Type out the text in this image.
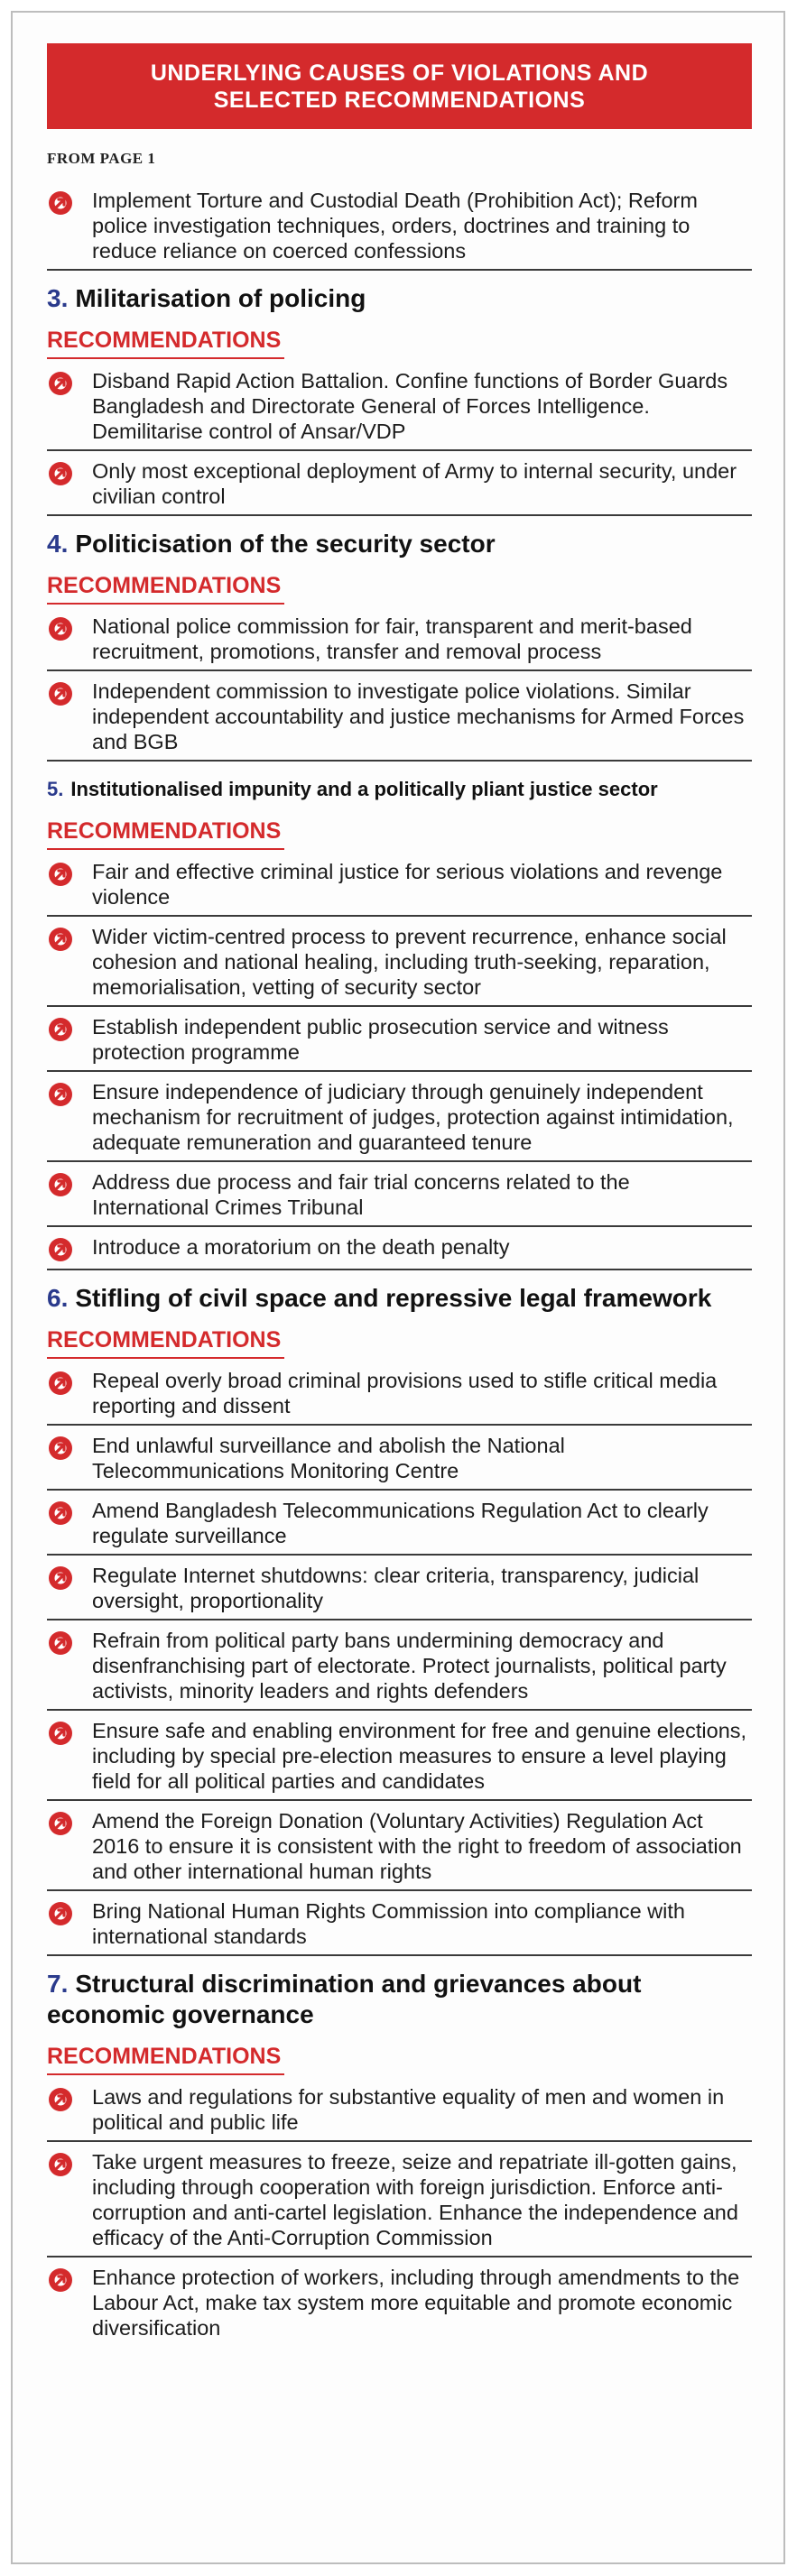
UNDERLYING CAUSES OF VIOLATIONS AND
SELECTED RECOMMENDATIONS
FROM PAGE 1
Implement Torture and Custodial Death (Prohibition Act); Reform police investigation techniques, orders, doctrines and training to reduce reliance on coerced confessions
3. Militarisation of policing
RECOMMENDATIONS
Disband Rapid Action Battalion. Confine functions of Border Guards Bangladesh and Directorate General of Forces Intelligence. Demilitarise control of Ansar/VDP
Only most exceptional deployment of Army to internal security, under civilian control
4. Politicisation of the security sector
RECOMMENDATIONS
National police commission for fair, transparent and merit-based recruitment, promotions, transfer and removal process
Independent commission to investigate police violations. Similar independent accountability and justice mechanisms for Armed Forces and BGB
5. Institutionalised impunity and a politically pliant justice sector
RECOMMENDATIONS
Fair and effective criminal justice for serious violations and revenge violence
Wider victim-centred process to prevent recurrence, enhance social cohesion and national healing, including truth-seeking, reparation, memorialisation, vetting of security sector
Establish independent public prosecution service and witness protection programme
Ensure independence of judiciary through genuinely independent mechanism for recruitment of judges, protection against intimidation, adequate remuneration and guaranteed tenure
Address due process and fair trial concerns related to the International Crimes Tribunal
Introduce a moratorium on the death penalty
6. Stifling of civil space and repressive legal framework
RECOMMENDATIONS
Repeal overly broad criminal provisions used to stifle critical media reporting and dissent
End unlawful surveillance and abolish the National Telecommunications Monitoring Centre
Amend Bangladesh Telecommunications Regulation Act to clearly regulate surveillance
Regulate Internet shutdowns: clear criteria, transparency, judicial oversight, proportionality
Refrain from political party bans undermining democracy and disenfranchising part of electorate. Protect journalists, political party activists, minority leaders and rights defenders
Ensure safe and enabling environment for free and genuine elections, including by special pre-election measures to ensure a level playing field for all political parties and candidates
Amend the Foreign Donation (Voluntary Activities) Regulation Act 2016 to ensure it is consistent with the right to freedom of association and other international human rights
Bring National Human Rights Commission into compliance with international standards
7. Structural discrimination and grievances about economic governance
RECOMMENDATIONS
Laws and regulations for substantive equality of men and women in political and public life
Take urgent measures to freeze, seize and repatriate ill-gotten gains, including through cooperation with foreign jurisdiction. Enforce anti-corruption and anti-cartel legislation. Enhance the independence and efficacy of the Anti-Corruption Commission
Enhance protection of workers, including through amendments to the Labour Act, make tax system more equitable and promote economic diversification
